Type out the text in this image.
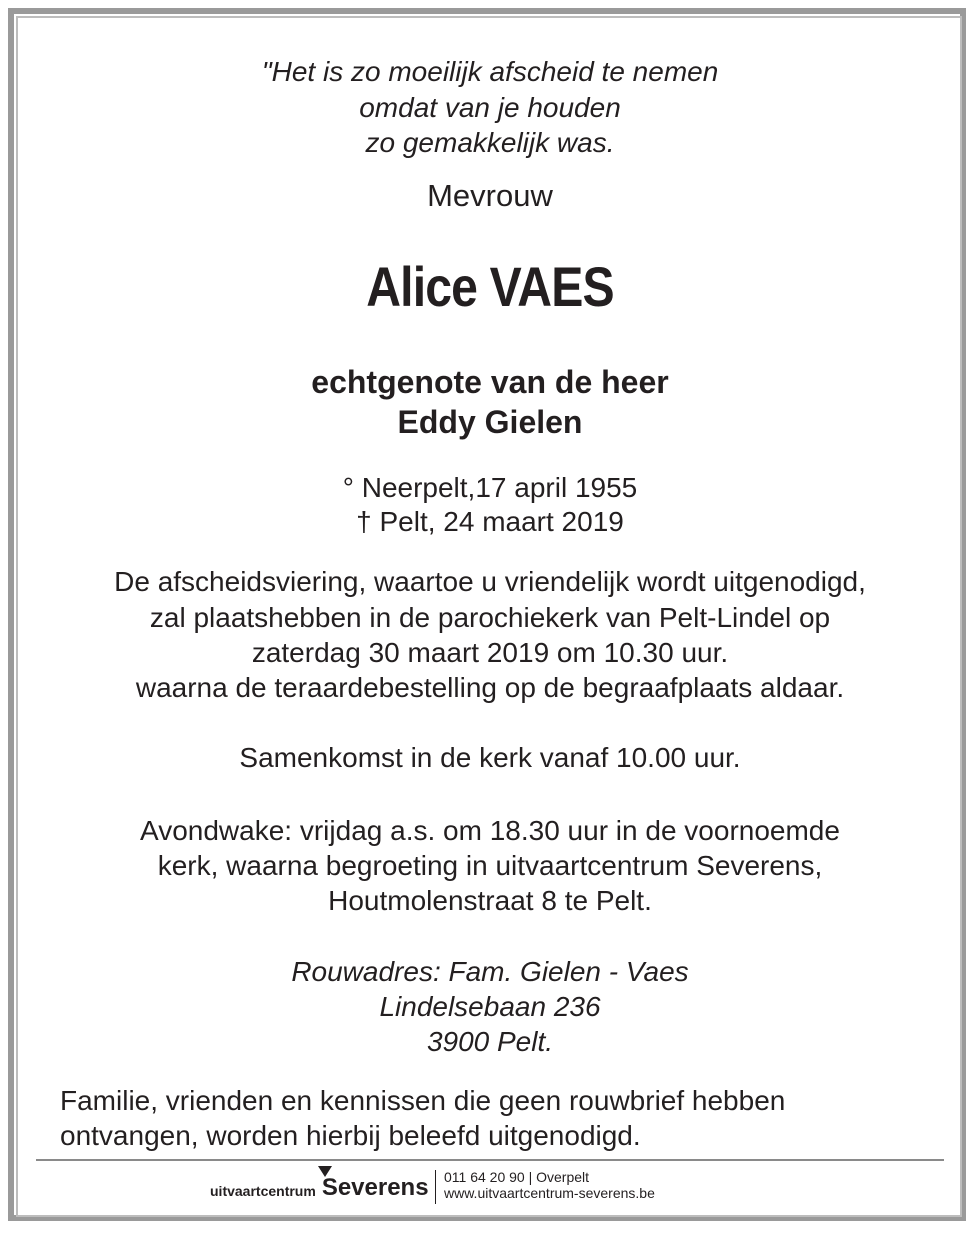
"Het is zo moeilijk afscheid te nemen
omdat van je houden
zo gemakkelijk was.
Mevrouw
Alice VAES
echtgenote van de heer
Eddy Gielen
° Neerpelt,17 april 1955
† Pelt, 24 maart 2019
De afscheidsviering, waartoe u vriendelijk wordt uitgenodigd,
zal plaatshebben in de parochiekerk van Pelt-Lindel op
zaterdag 30 maart 2019 om 10.30 uur.
waarna de teraardebestelling op de begraafplaats aldaar.
Samenkomst in de kerk vanaf 10.00 uur.
Avondwake: vrijdag a.s. om 18.30 uur in de voornoemde
kerk, waarna begroeting in uitvaartcentrum Severens,
Houtmolenstraat 8 te Pelt.
Rouwadres: Fam. Gielen - Vaes
Lindelsebaan 236
3900 Pelt.
Familie, vrienden en kennissen die geen rouwbrief hebben
ontvangen, worden hierbij beleefd uitgenodigd.
uitvaartcentrum Severens 011 64 20 90 | Overpelt
www.uitvaartcentrum-severens.be
